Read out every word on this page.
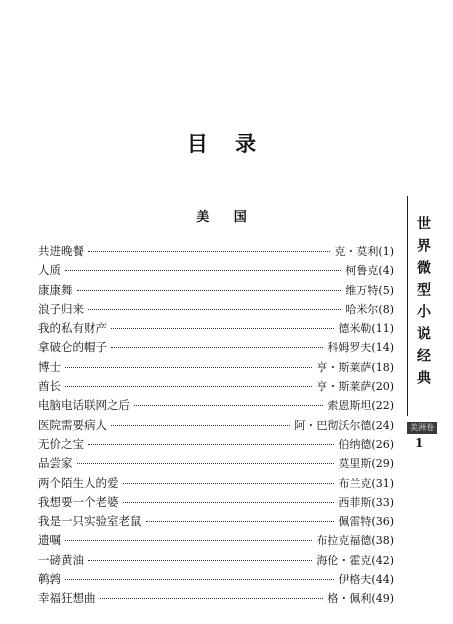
目 录
美 国
共进晚餐	克・莫利(1)
人质	柯鲁克(4)
康康舞	维万特(5)
浪子归来	哈米尔(8)
我的私有财产	德米勒(11)
拿破仑的帽子	科姆罗夫(14)
博士	亨・斯莱萨(18)
酋长	亨・斯莱萨(20)
电脑电话联网之后	索恩斯坦(22)
医院需要病人	阿・巴彻沃尔德(24)
无价之宝	伯纳德(26)
品尝家	莫里斯(29)
两个陌生人的爱	布兰克(31)
我想要一个老婆	西菲斯(33)
我是一只实验室老鼠	佩雷特(36)
遗嘱	布拉克福德(38)
一磅黄油	海伦・霍克(42)
鹌鹑	伊格夫(44)
幸福狂想曲	格・佩利(49)
世界微型小说经典
美洲卷
1
